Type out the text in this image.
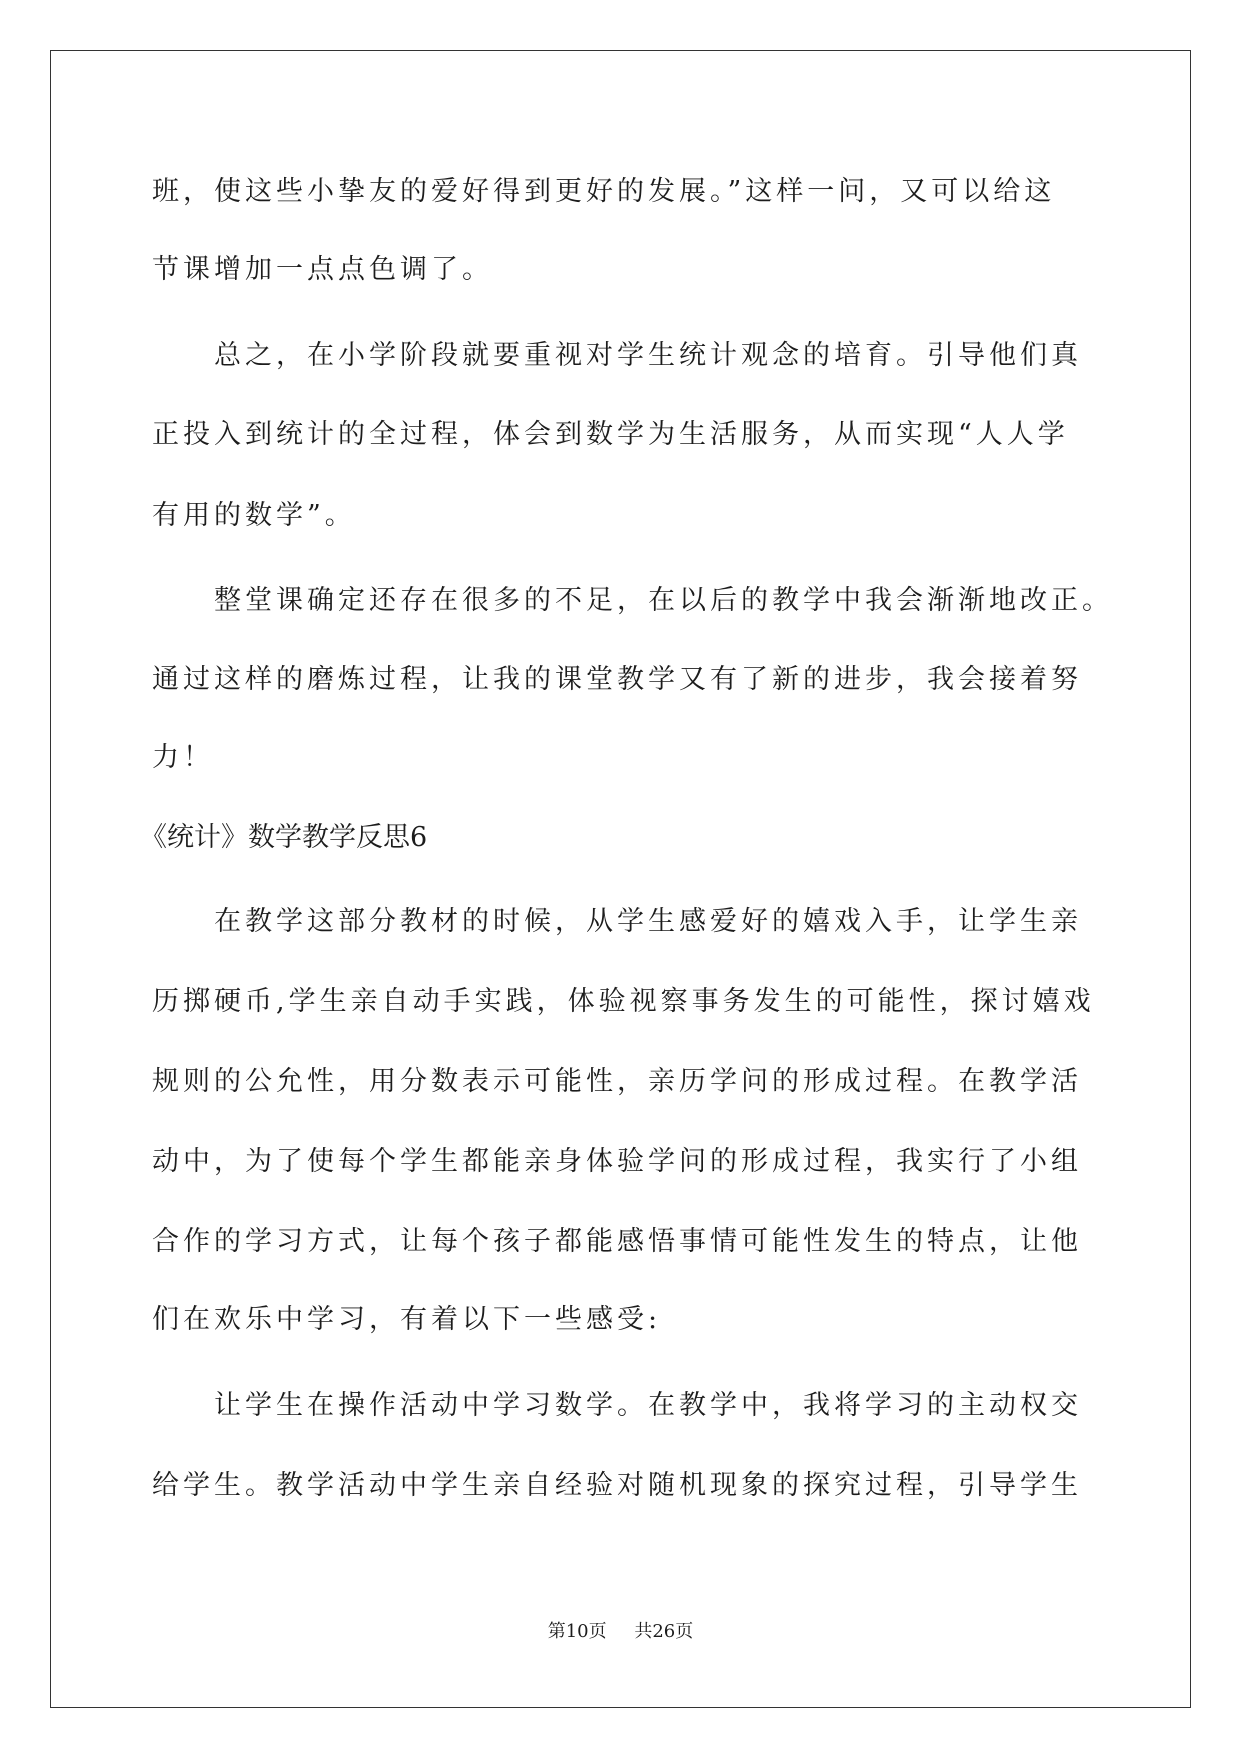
班，使这些小挚友的爱好得到更好的发展。”这样一问，又可以给这
节课增加一点点色调了。
总之，在小学阶段就要重视对学生统计观念的培育。引导他们真
正投入到统计的全过程，体会到数学为生活服务，从而实现“人人学
有用的数学”。
整堂课确定还存在很多的不足，在以后的教学中我会渐渐地改正。
通过这样的磨炼过程，让我的课堂教学又有了新的进步，我会接着努
力！
《统计》数学教学反思6
在教学这部分教材的时候，从学生感爱好的嬉戏入手，让学生亲
历掷硬币,学生亲自动手实践，体验视察事务发生的可能性，探讨嬉戏
规则的公允性，用分数表示可能性，亲历学问的形成过程。在教学活
动中，为了使每个学生都能亲身体验学问的形成过程，我实行了小组
合作的学习方式，让每个孩子都能感悟事情可能性发生的特点，让他
们在欢乐中学习，有着以下一些感受:
让学生在操作活动中学习数学。在教学中，我将学习的主动权交
给学生。教学活动中学生亲自经验对随机现象的探究过程，引导学生
第10页 共26页
